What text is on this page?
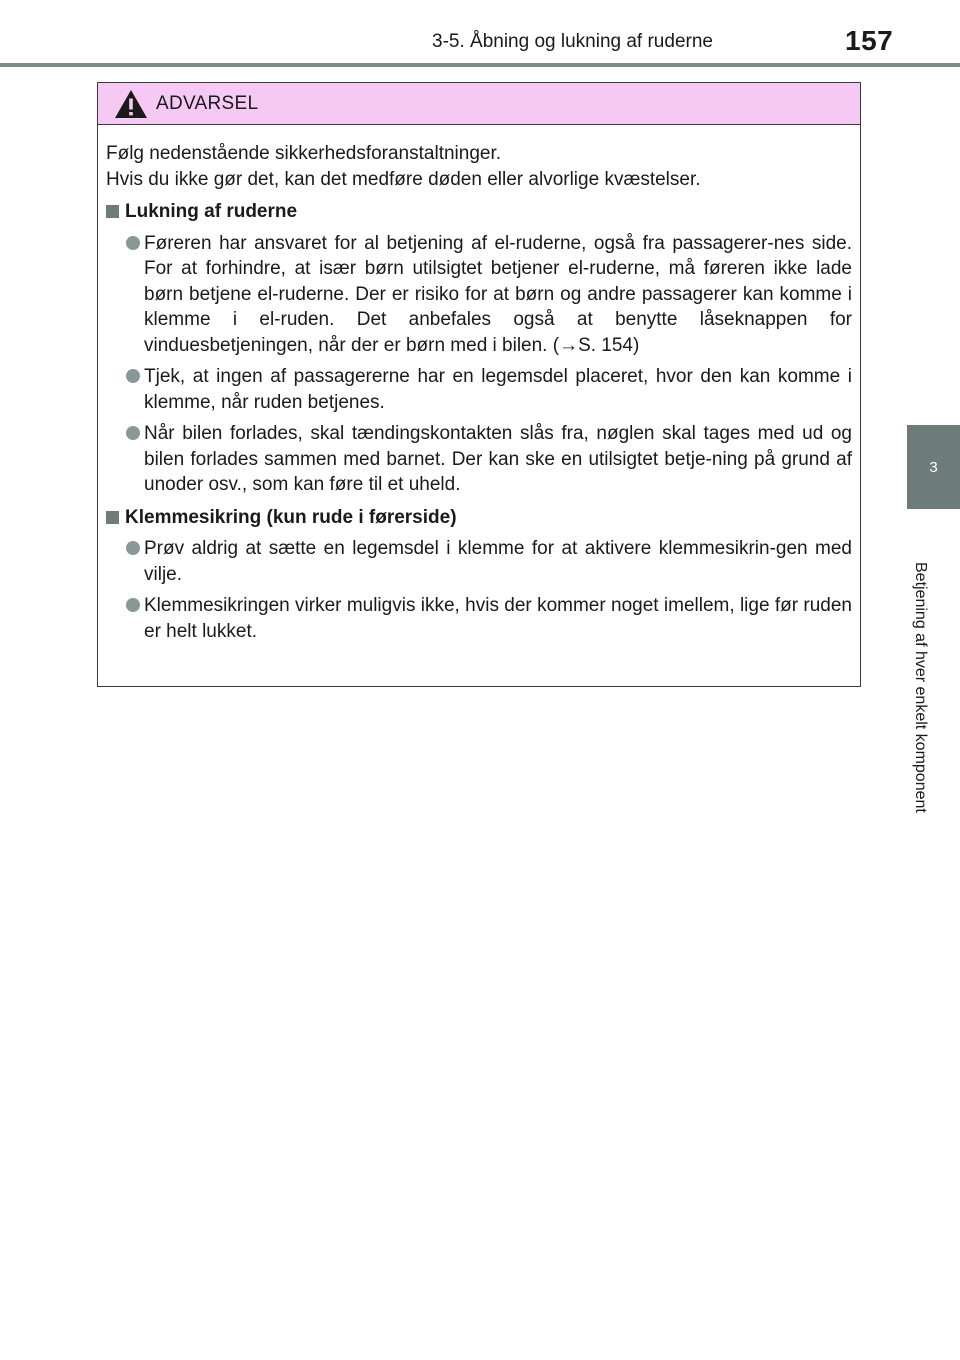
3-5. Åbning og lukning af ruderne	157
3
Betjening af hver enkelt komponent
ADVARSEL

Følg nedenstående sikkerhedsforanstaltninger.

Hvis du ikke gør det, kan det medføre døden eller alvorlige kvæstelser.

Lukning af ruderne
Føreren har ansvaret for al betjening af el-ruderne, også fra passagerer-nes side. For at forhindre, at især børn utilsigtet betjener el-ruderne, må føreren ikke lade børn betjene el-ruderne. Der er risiko for at børn og andre passagerer kan komme i klemme i el-ruden. Det anbefales også at benytte låseknappen for vinduesbetjeningen, når der er børn med i bilen. (→S. 154)
Tjek, at ingen af passagererne har en legemsdel placeret, hvor den kan komme i klemme, når ruden betjenes.
Når bilen forlades, skal tændingskontakten slås fra, nøglen skal tages med ud og bilen forlades sammen med barnet. Der kan ske en utilsigtet betje-ning på grund af unoder osv., som kan føre til et uheld.
Klemmesikring (kun rude i førerside)
Prøv aldrig at sætte en legemsdel i klemme for at aktivere klemmesikrin-gen med vilje.
Klemmesikringen virker muligvis ikke, hvis der kommer noget imellem, lige før ruden er helt lukket.
